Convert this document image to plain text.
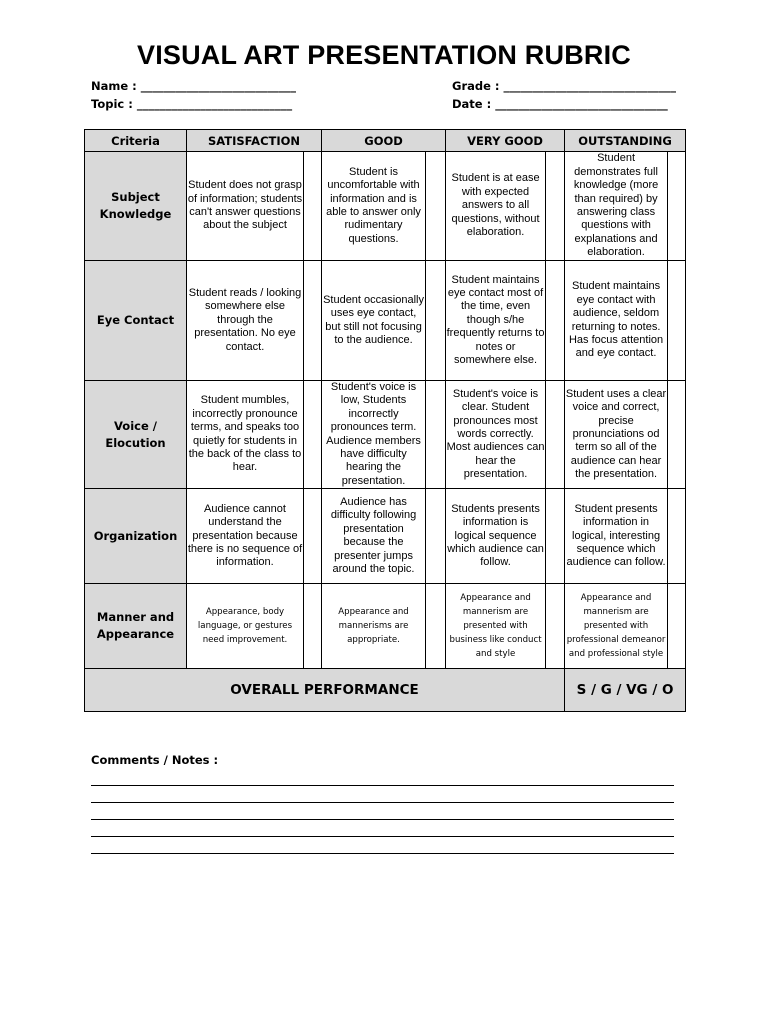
VISUAL ART PRESENTATION RUBRIC
Name : ___________________________
Topic : ___________________________
Grade : ______________________________
Date : ______________________________
Criteria	SATISFACTION		GOOD		VERY GOOD		OUTSTANDING	
Subject
Knowledge	Student does not grasp of information; students can't answer questions about the subject		Student is uncomfortable with information and is able to answer only rudimentary questions.		Student is at ease with expected answers to all questions, without elaboration.		Student demonstrates full knowledge (more than required) by answering class questions with explanations and elaboration.	
Eye Contact	Student reads / looking somewhere else through the presentation. No eye contact.		Student occasionally uses eye contact, but still not focusing to the audience.		Student maintains eye contact most of the time, even though s/he frequently returns to notes or somewhere else.		Student maintains eye contact with audience, seldom returning to notes. Has focus attention and eye contact.	
Voice /
Elocution	Student mumbles, incorrectly pronounce terms, and speaks too quietly for students in the back of the class to hear.		Student's voice is low, Students incorrectly pronounces term. Audience members have difficulty hearing the presentation.		Student's voice is clear. Student pronounces most words correctly. Most audiences can hear the presentation.		Student uses a clear voice and correct, precise pronunciations od term so all of the audience can hear the presentation.	
Organization	Audience cannot understand the presentation because there is no sequence of information.		Audience has difficulty following presentation because the presenter jumps around the topic.		Students presents information is logical sequence which audience can follow.		Student presents information in logical, interesting sequence which audience can follow.	
Manner and
Appearance	Appearance, body language, or gestures need improvement.		Appearance and mannerisms are appropriate.		Appearance and mannerism are presented with business like conduct and style		Appearance and mannerism are presented with professional demeanor and professional style	
OVERALL PERFORMANCE							S / G / VG / O	
Comments / Notes :
